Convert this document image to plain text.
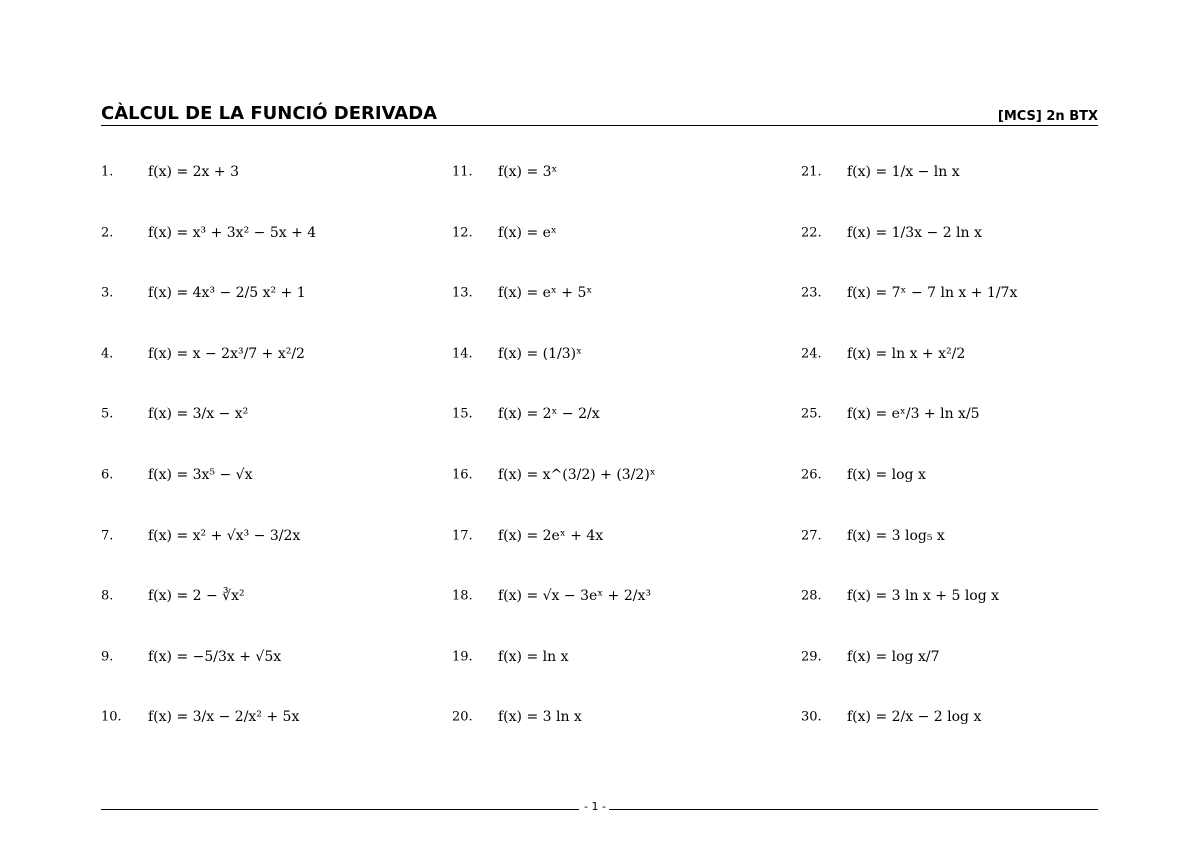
CÀLCUL DE LA FUNCIÓ DERIVADA	[MCS] 2n BTX
1. f(x) = 2x + 3
2. f(x) = x³ + 3x² − 5x + 4
3. f(x) = 4x³ − 2/5 x² + 1
4. f(x) = x − 2x³/7 + x²/2
5. f(x) = 3/x − x²
6. f(x) = 3x⁵ − √x
7. f(x) = x² + √x³ − 3/2x
8. f(x) = 2 − ∛x²
9. f(x) = −5/3x + √5x
10. f(x) = 3/x − 2/x² + 5x
11. f(x) = 3ˣ
12. f(x) = eˣ
13. f(x) = eˣ + 5ˣ
14. f(x) = (1/3)ˣ
15. f(x) = 2ˣ − 2/x
16. f(x) = x^(3/2) + (3/2)ˣ
17. f(x) = 2eˣ + 4x
18. f(x) = √x − 3eˣ + 2/x³
19. f(x) = ln x
20. f(x) = 3 ln x
21. f(x) = 1/x − ln x
22. f(x) = 1/3x − 2 ln x
23. f(x) = 7ˣ − 7 ln x + 1/7x
24. f(x) = ln x + x²/2
25. f(x) = eˣ/3 + ln x/5
26. f(x) = log x
27. f(x) = 3 log₅ x
28. f(x) = 3 ln x + 5 log x
29. f(x) = log x/7
30. f(x) = 2/x − 2 log x
- 1 -
